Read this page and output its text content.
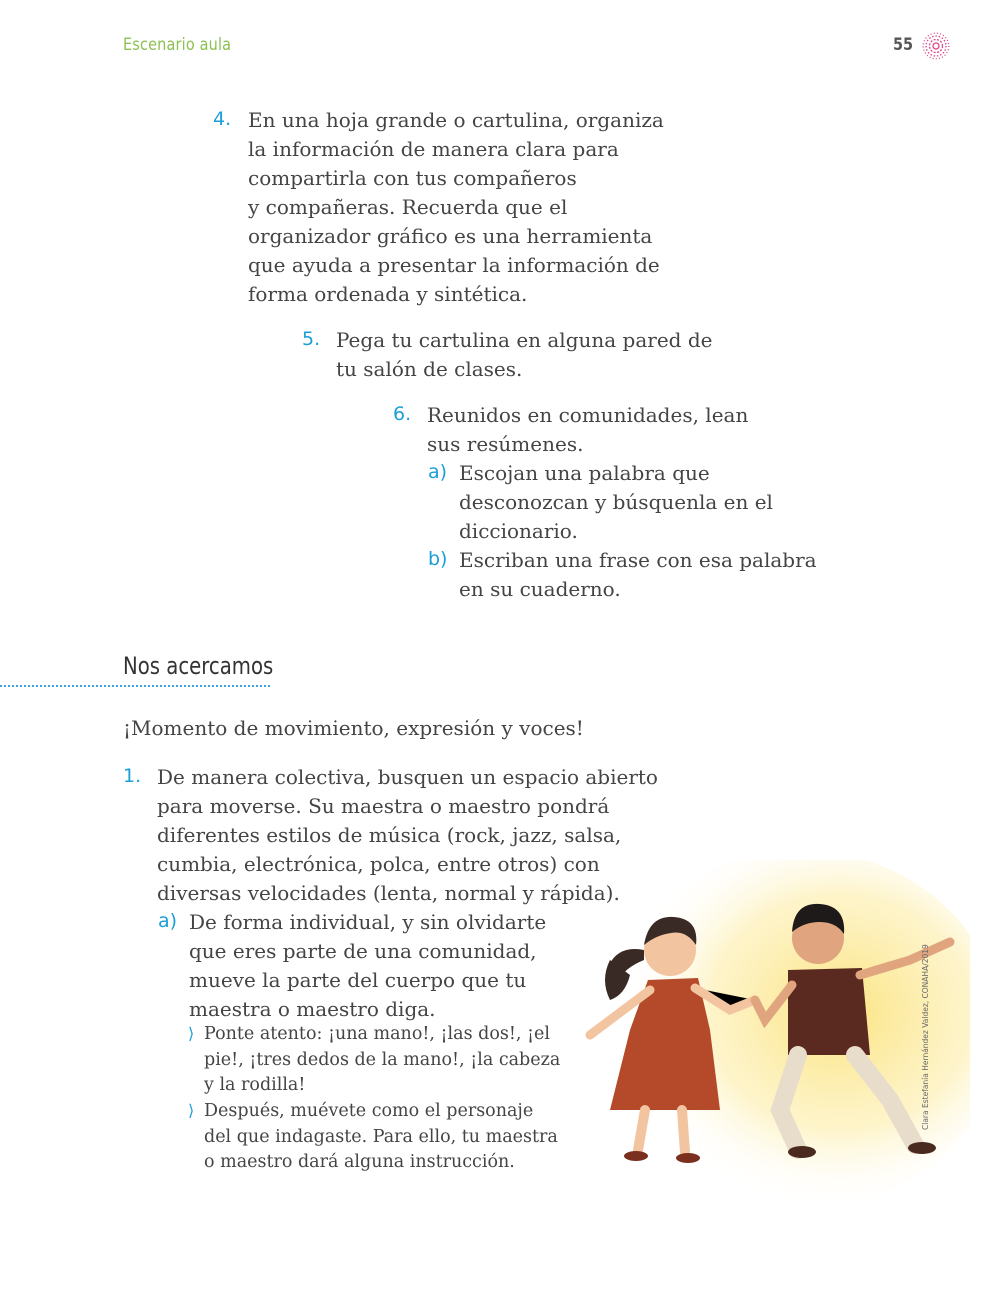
Escenario aula	55
4. En una hoja grande o cartulina, organiza
la información de manera clara para
compartirla con tus compañeros
y compañeras. Recuerda que el
organizador gráfico es una herramienta
que ayuda a presentar la información de
forma ordenada y sintética.
5. Pega tu cartulina en alguna pared de
tu salón de clases.
6. Reunidos en comunidades, lean
sus resúmenes.
a) Escojan una palabra que
desconozcan y búsquenla en el
diccionario.
b) Escriban una frase con esa palabra
en su cuaderno.
Nos acercamos
¡Momento de movimiento, expresión y voces!
1. De manera colectiva, busquen un espacio abierto
para moverse. Su maestra o maestro pondrá
diferentes estilos de música (rock, jazz, salsa,
cumbia, electrónica, polca, entre otros) con
diversas velocidades (lenta, normal y rápida).
Clara Estefanía Hernández Valdez, CONAHA/2019
a) De forma individual, y sin olvidarte
que eres parte de una comunidad,
mueve la parte del cuerpo que tu
maestra o maestro diga.
⟩ Ponte atento: ¡una mano!, ¡las dos!, ¡el
pie!, ¡tres dedos de la mano!, ¡la cabeza
y la rodilla!
⟩ Después, muévete como el personaje
del que indagaste. Para ello, tu maestra
o maestro dará alguna instrucción.
